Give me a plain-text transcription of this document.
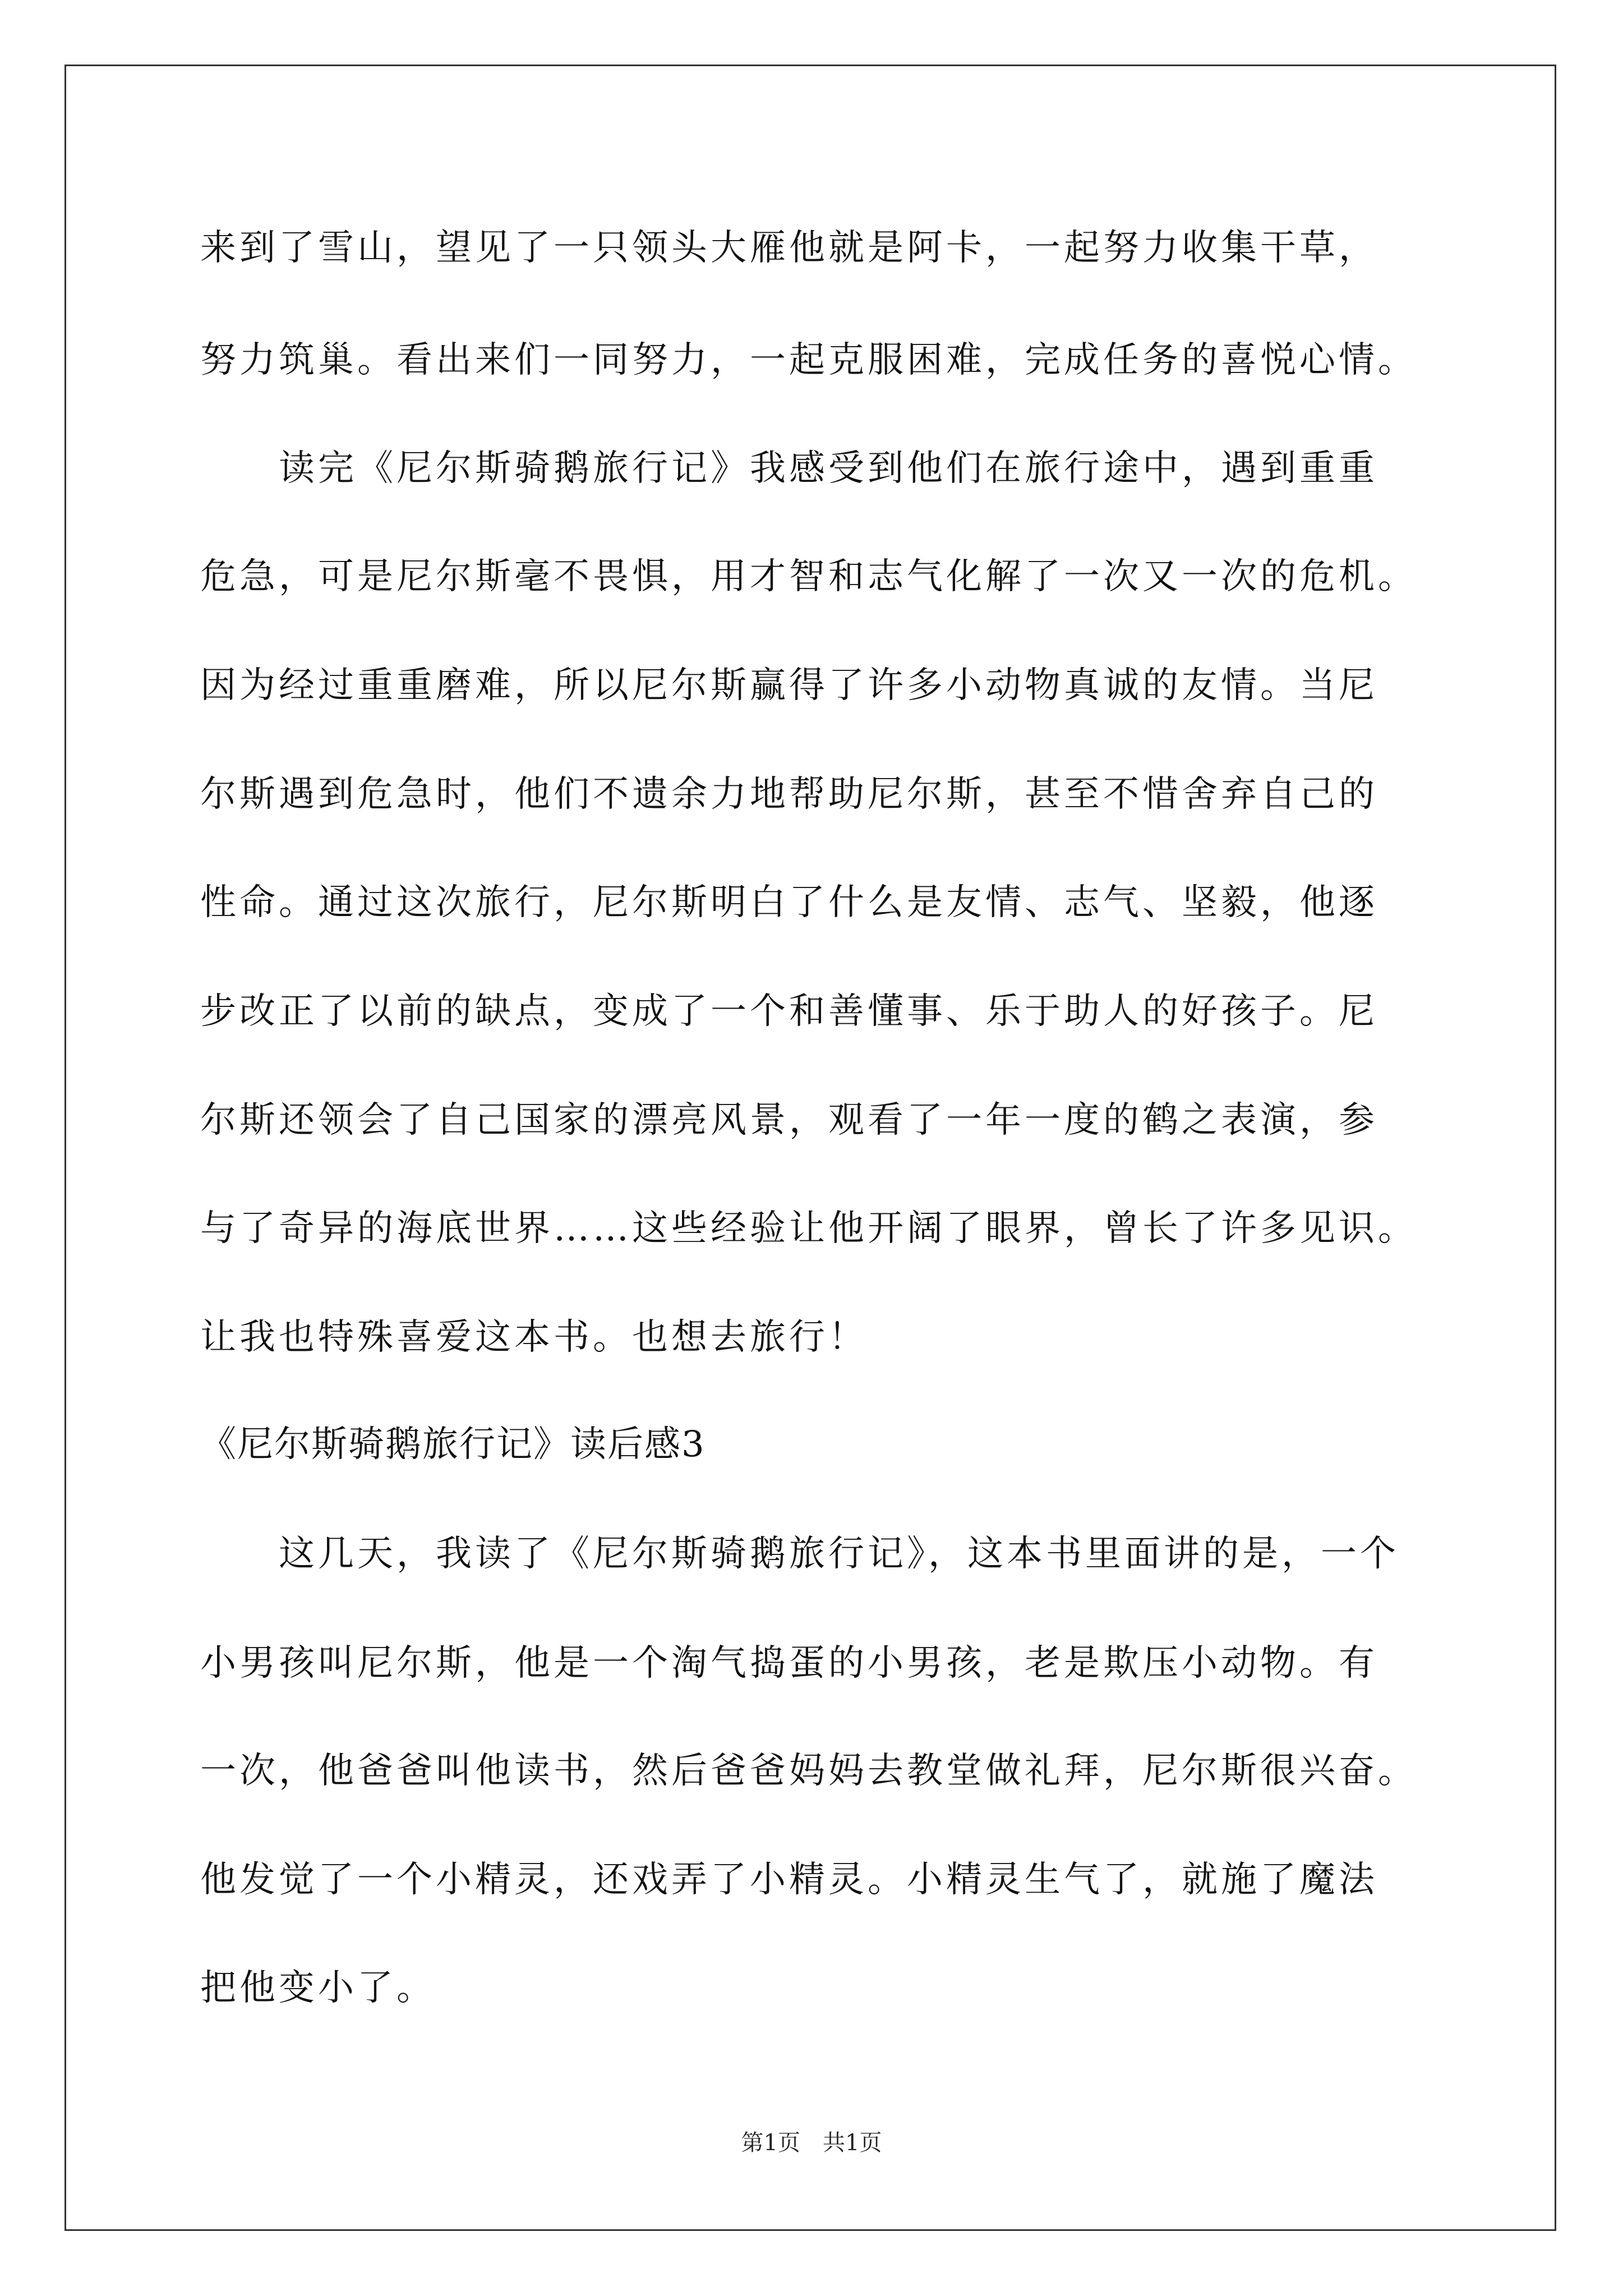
来到了雪山，望见了一只领头大雁他就是阿卡，一起努力收集干草，
努力筑巢。看出来们一同努力，一起克服困难，完成任务的喜悦心情。
　　读完《尼尔斯骑鹅旅行记》我感受到他们在旅行途中，遇到重重
危急，可是尼尔斯毫不畏惧，用才智和志气化解了一次又一次的危机。
因为经过重重磨难，所以尼尔斯赢得了许多小动物真诚的友情。当尼
尔斯遇到危急时，他们不遗余力地帮助尼尔斯，甚至不惜舍弃自己的
性命。通过这次旅行，尼尔斯明白了什么是友情、志气、坚毅，他逐
步改正了以前的缺点，变成了一个和善懂事、乐于助人的好孩子。尼
尔斯还领会了自己国家的漂亮风景，观看了一年一度的鹤之表演，参
与了奇异的海底世界……这些经验让他开阔了眼界，曾长了许多见识。
让我也特殊喜爱这本书。也想去旅行！
《尼尔斯骑鹅旅行记》读后感3
　　这几天，我读了《尼尔斯骑鹅旅行记》，这本书里面讲的是，一个
小男孩叫尼尔斯，他是一个淘气捣蛋的小男孩，老是欺压小动物。有
一次，他爸爸叫他读书，然后爸爸妈妈去教堂做礼拜，尼尔斯很兴奋。
他发觉了一个小精灵，还戏弄了小精灵。小精灵生气了，就施了魔法
把他变小了。
第1页　共1页
